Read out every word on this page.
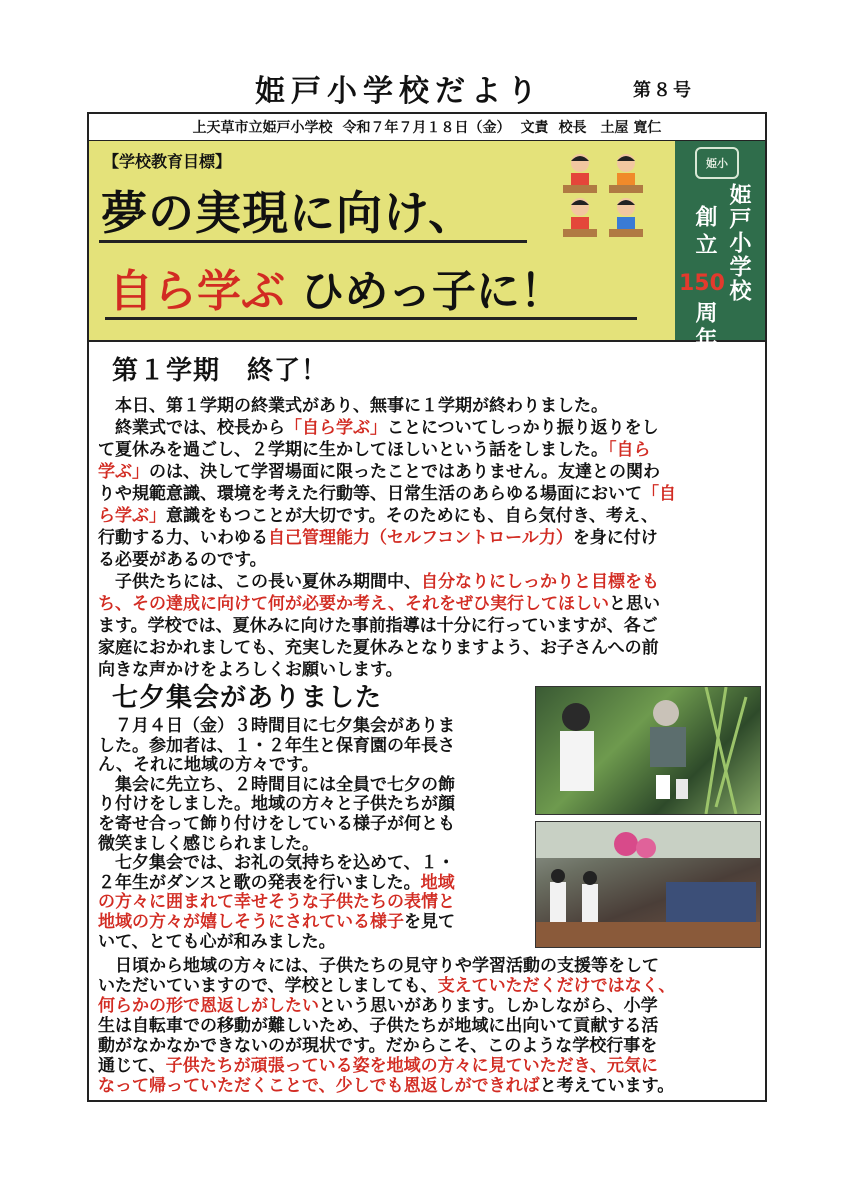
姫戸小学校だより	第８号
上天草市立姫戸小学校 令和７年７月１８日（金） 文責 校長　土屋 寛仁
【学校教育目標】
夢の実現に向け、
自ら学ぶ ひめっ子に！
姫小
姫戸小学校
創立
150
周年
第１学期　終了！
　本日、第１学期の終業式があり、無事に１学期が終わりました。
　終業式では、校長から「自ら学ぶ」ことについてしっかり振り返りをし
て夏休みを過ごし、２学期に生かしてほしいという話をしました。「自ら
学ぶ」のは、決して学習場面に限ったことではありません。友達との関わ
りや規範意識、環境を考えた行動等、日常生活のあらゆる場面において「自
ら学ぶ」意識をもつことが大切です。そのためにも、自ら気付き、考え、
行動する力、いわゆる自己管理能力（セルフコントロール力）を身に付け
る必要があるのです。
　子供たちには、この長い夏休み期間中、自分なりにしっかりと目標をも
ち、その達成に向けて何が必要か考え、それをぜひ実行してほしいと思い
ます。学校では、夏休みに向けた事前指導は十分に行っていますが、各ご
家庭におかれましても、充実した夏休みとなりますよう、お子さんへの前
向きな声かけをよろしくお願いします。
七夕集会がありました
　７月４日（金）３時間目に七夕集会がありま
した。参加者は、１・２年生と保育園の年長さ
ん、それに地域の方々です。
　集会に先立ち、２時間目には全員で七夕の飾
り付けをしました。地域の方々と子供たちが顔
を寄せ合って飾り付けをしている様子が何とも
微笑ましく感じられました。
　七夕集会では、お礼の気持ちを込めて、１・
２年生がダンスと歌の発表を行いました。地域
の方々に囲まれて幸せそうな子供たちの表情と
地域の方々が嬉しそうにされている様子を見て
いて、とても心が和みました。
　日頃から地域の方々には、子供たちの見守りや学習活動の支援等をして
いただいていますので、学校としましても、支えていただくだけではなく、
何らかの形で恩返しがしたいという思いがあります。しかしながら、小学
生は自転車での移動が難しいため、子供たちが地域に出向いて貢献する活
動がなかなかできないのが現状です。だからこそ、このような学校行事を
通じて、子供たちが頑張っている姿を地域の方々に見ていただき、元気に
なって帰っていただくことで、少しでも恩返しができればと考えています。
